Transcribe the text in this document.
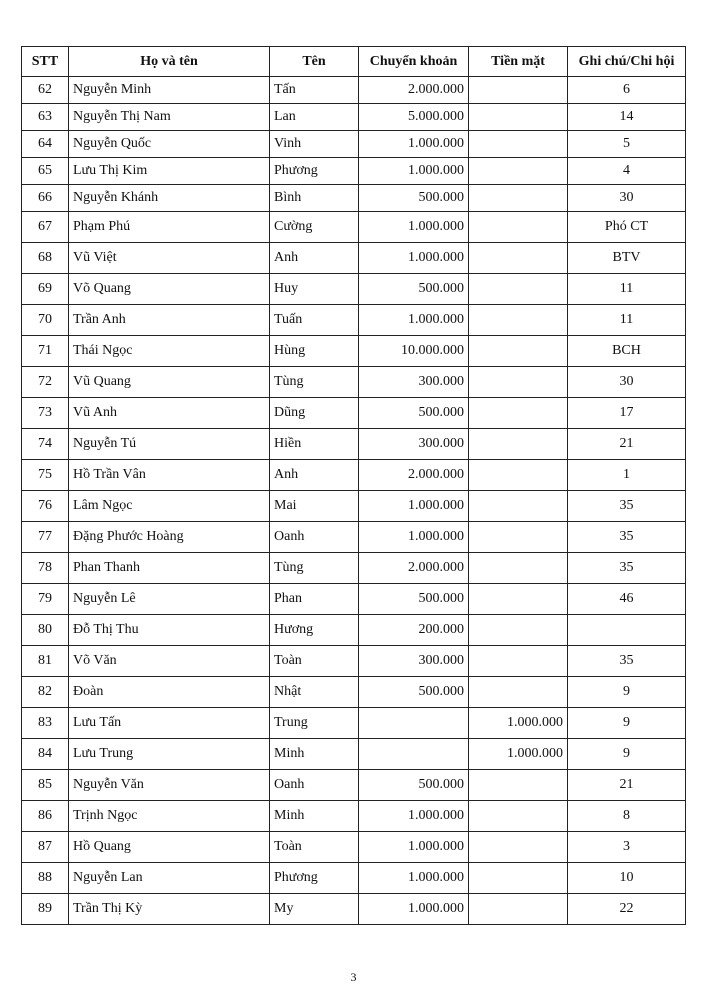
STT	Họ và tên	Tên	Chuyển khoản	Tiền mặt	Ghi chú/Chi hội
62	Nguyễn Minh	Tấn	2.000.000		6
63	Nguyễn Thị Nam	Lan	5.000.000		14
64	Nguyễn Quốc	Vinh	1.000.000		5
65	Lưu Thị Kim	Phương	1.000.000		4
66	Nguyễn Khánh	Bình	500.000		30
67	Phạm Phú	Cường	1.000.000		Phó CT
68	Vũ Việt	Anh	1.000.000		BTV
69	Võ Quang	Huy	500.000		11
70	Trần Anh	Tuấn	1.000.000		11
71	Thái Ngọc	Hùng	10.000.000		BCH
72	Vũ Quang	Tùng	300.000		30
73	Vũ Anh	Dũng	500.000		17
74	Nguyễn Tú	Hiền	300.000		21
75	Hồ Trần Vân	Anh	2.000.000		1
76	Lâm Ngọc	Mai	1.000.000		35
77	Đặng Phước Hoàng	Oanh	1.000.000		35
78	Phan Thanh	Tùng	2.000.000		35
79	Nguyễn Lê	Phan	500.000		46
80	Đỗ Thị Thu	Hương	200.000		
81	Võ Văn	Toàn	300.000		35
82	Đoàn	Nhật	500.000		9
83	Lưu Tấn	Trung		1.000.000	9
84	Lưu Trung	Minh		1.000.000	9
85	Nguyễn Văn	Oanh	500.000		21
86	Trịnh Ngọc	Minh	1.000.000		8
87	Hồ Quang	Toàn	1.000.000		3
88	Nguyễn Lan	Phương	1.000.000		10
89	Trần Thị Kỳ	My	1.000.000		22
3
